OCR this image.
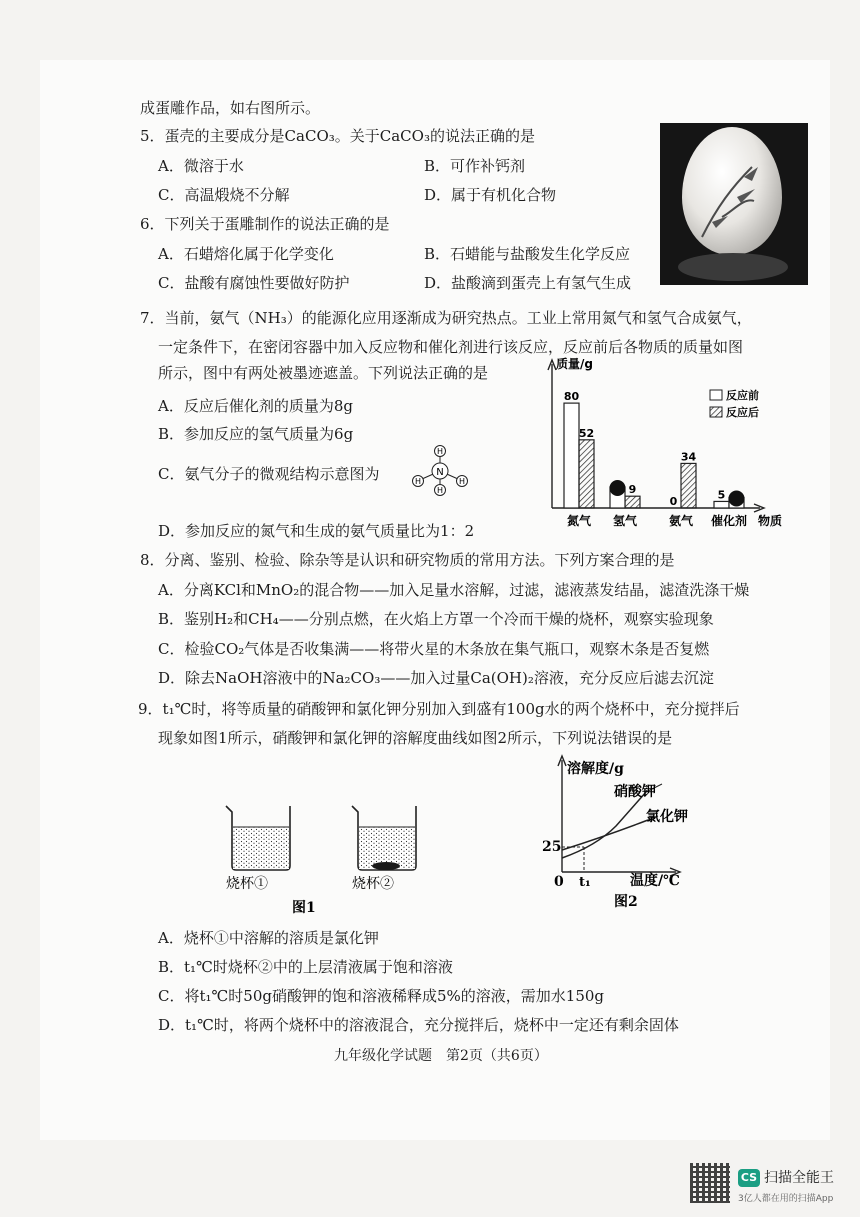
成蛋雕作品，如右图所示。
5．蛋壳的主要成分是CaCO₃。关于CaCO₃的说法正确的是
A．微溶于水	B．可作补钙剂
C．高温煅烧不分解	D．属于有机化合物
6．下列关于蛋雕制作的说法正确的是
A．石蜡熔化属于化学变化	B．石蜡能与盐酸发生化学反应
C．盐酸有腐蚀性要做好防护	D．盐酸滴到蛋壳上有氢气生成
7．当前，氨气（NH₃）的能源化应用逐渐成为研究热点。工业上常用氮气和氢气合成氨气，
一定条件下，在密闭容器中加入反应物和催化剂进行该反应，反应前后各物质的质量如图
所示，图中有两处被墨迹遮盖。下列说法正确的是
A．反应后催化剂的质量为8g
B．参加反应的氢气质量为6g
C．氨气分子的微观结构示意图为
D．参加反应的氮气和生成的氨气质量比为1：2
N
H
H	H
H
质量/g
物质
反应前
反应后
80
52
氮气
9
氢气
0
34
氨气
5
催化剂
8．分离、鉴别、检验、除杂等是认识和研究物质的常用方法。下列方案合理的是
A．分离KCl和MnO₂的混合物——加入足量水溶解，过滤，滤液蒸发结晶，滤渣洗涤干燥
B．鉴别H₂和CH₄——分别点燃，在火焰上方罩一个冷而干燥的烧杯，观察实验现象
C．检验CO₂气体是否收集满——将带火星的木条放在集气瓶口，观察木条是否复燃
D．除去NaOH溶液中的Na₂CO₃——加入过量Ca(OH)₂溶液，充分反应后滤去沉淀
9．t₁℃时，将等质量的硝酸钾和氯化钾分别加入到盛有100g水的两个烧杯中，充分搅拌后
现象如图1所示，硝酸钾和氯化钾的溶解度曲线如图2所示，下列说法错误的是
烧杯①	烧杯②
图1
溶解度/g
硝酸钾
氯化钾
25
0 t₁	温度/℃
图2
A．烧杯①中溶解的溶质是氯化钾
B．t₁℃时烧杯②中的上层清液属于饱和溶液
C．将t₁℃时50g硝酸钾的饱和溶液稀释成5%的溶液，需加水150g
D．t₁℃时，将两个烧杯中的溶液混合，充分搅拌后，烧杯中一定还有剩余固体
九年级化学试题　第2页（共6页）
CS 扫描全能王
3亿人都在用的扫描App
